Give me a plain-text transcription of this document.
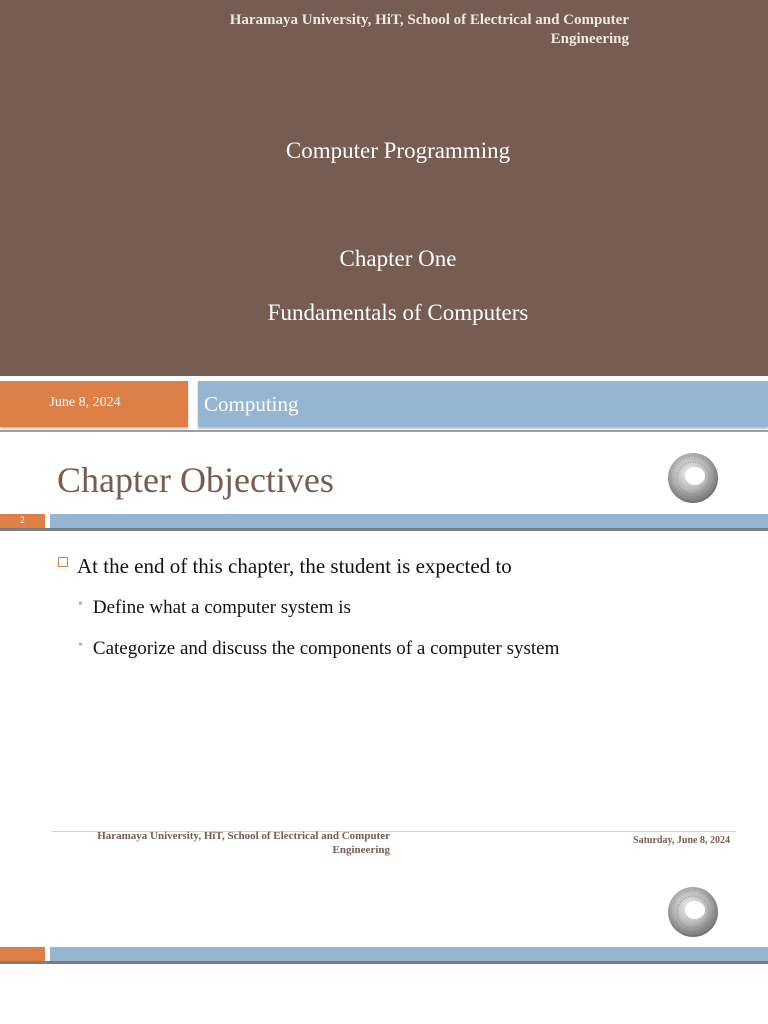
Haramaya University, HiT, School of Electrical and Computer Engineering
Computer Programming
Chapter One
Fundamentals of Computers
June 8, 2024	Computing
Chapter Objectives
2
At the end of this chapter, the student is expected to
• Define what a computer system is
• Categorize and discuss the components of a computer system
Haramaya University, HiT, School of Electrical and Computer Engineering
Saturday, June 8, 2024
